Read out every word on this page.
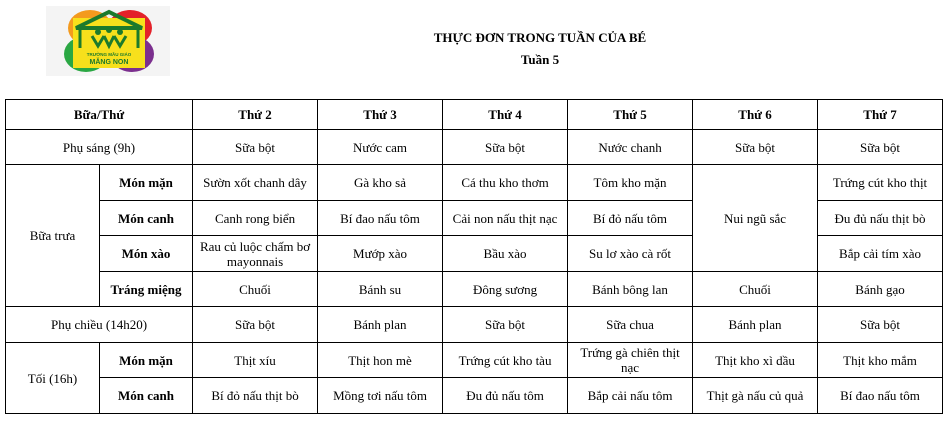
TRƯỜNG MẦU GIÁO
MĂNG NON
THỰC ĐƠN TRONG TUẦN CỦA BÉ
Tuần 5
Bữa/Thứ		Thứ 2	Thứ 3	Thứ 4	Thứ 5	Thứ 6	Thứ 7
Phụ sáng (9h)		Sữa bột	Nước cam	Sữa bột	Nước chanh	Sữa bột	Sữa bột
Bữa trưa	Món mặn	Sườn xốt chanh dây	Gà kho sả	Cá thu kho thơm	Tôm kho mặn	Nui ngũ sắc	Trứng cút kho thịt
	Món canh	Canh rong biển	Bí đao nấu tôm	Cải non nấu thịt nạc	Bí đỏ nấu tôm		Đu đủ nấu thịt bò
	Món xào	Rau củ luộc chấm bơ mayonnais	Mướp xào	Bầu xào	Su lơ xào cà rốt		Bắp cải tím xào
	Tráng miệng	Chuối	Bánh su	Đông sương	Bánh bông lan	Chuối	Bánh gạo
Phụ chiều (14h20)		Sữa bột	Bánh plan	Sữa bột	Sữa chua	Bánh plan	Sữa bột
Tối (16h)	Món mặn	Thịt xíu	Thịt hon mè	Trứng cút kho tàu	Trứng gà chiên thịt nạc	Thịt kho xì dầu	Thịt kho mắm
	Món canh	Bí đỏ nấu thịt bò	Mồng tơi nấu tôm	Đu đủ nấu tôm	Bắp cải nấu tôm	Thịt gà nấu củ quả	Bí đao nấu tôm
